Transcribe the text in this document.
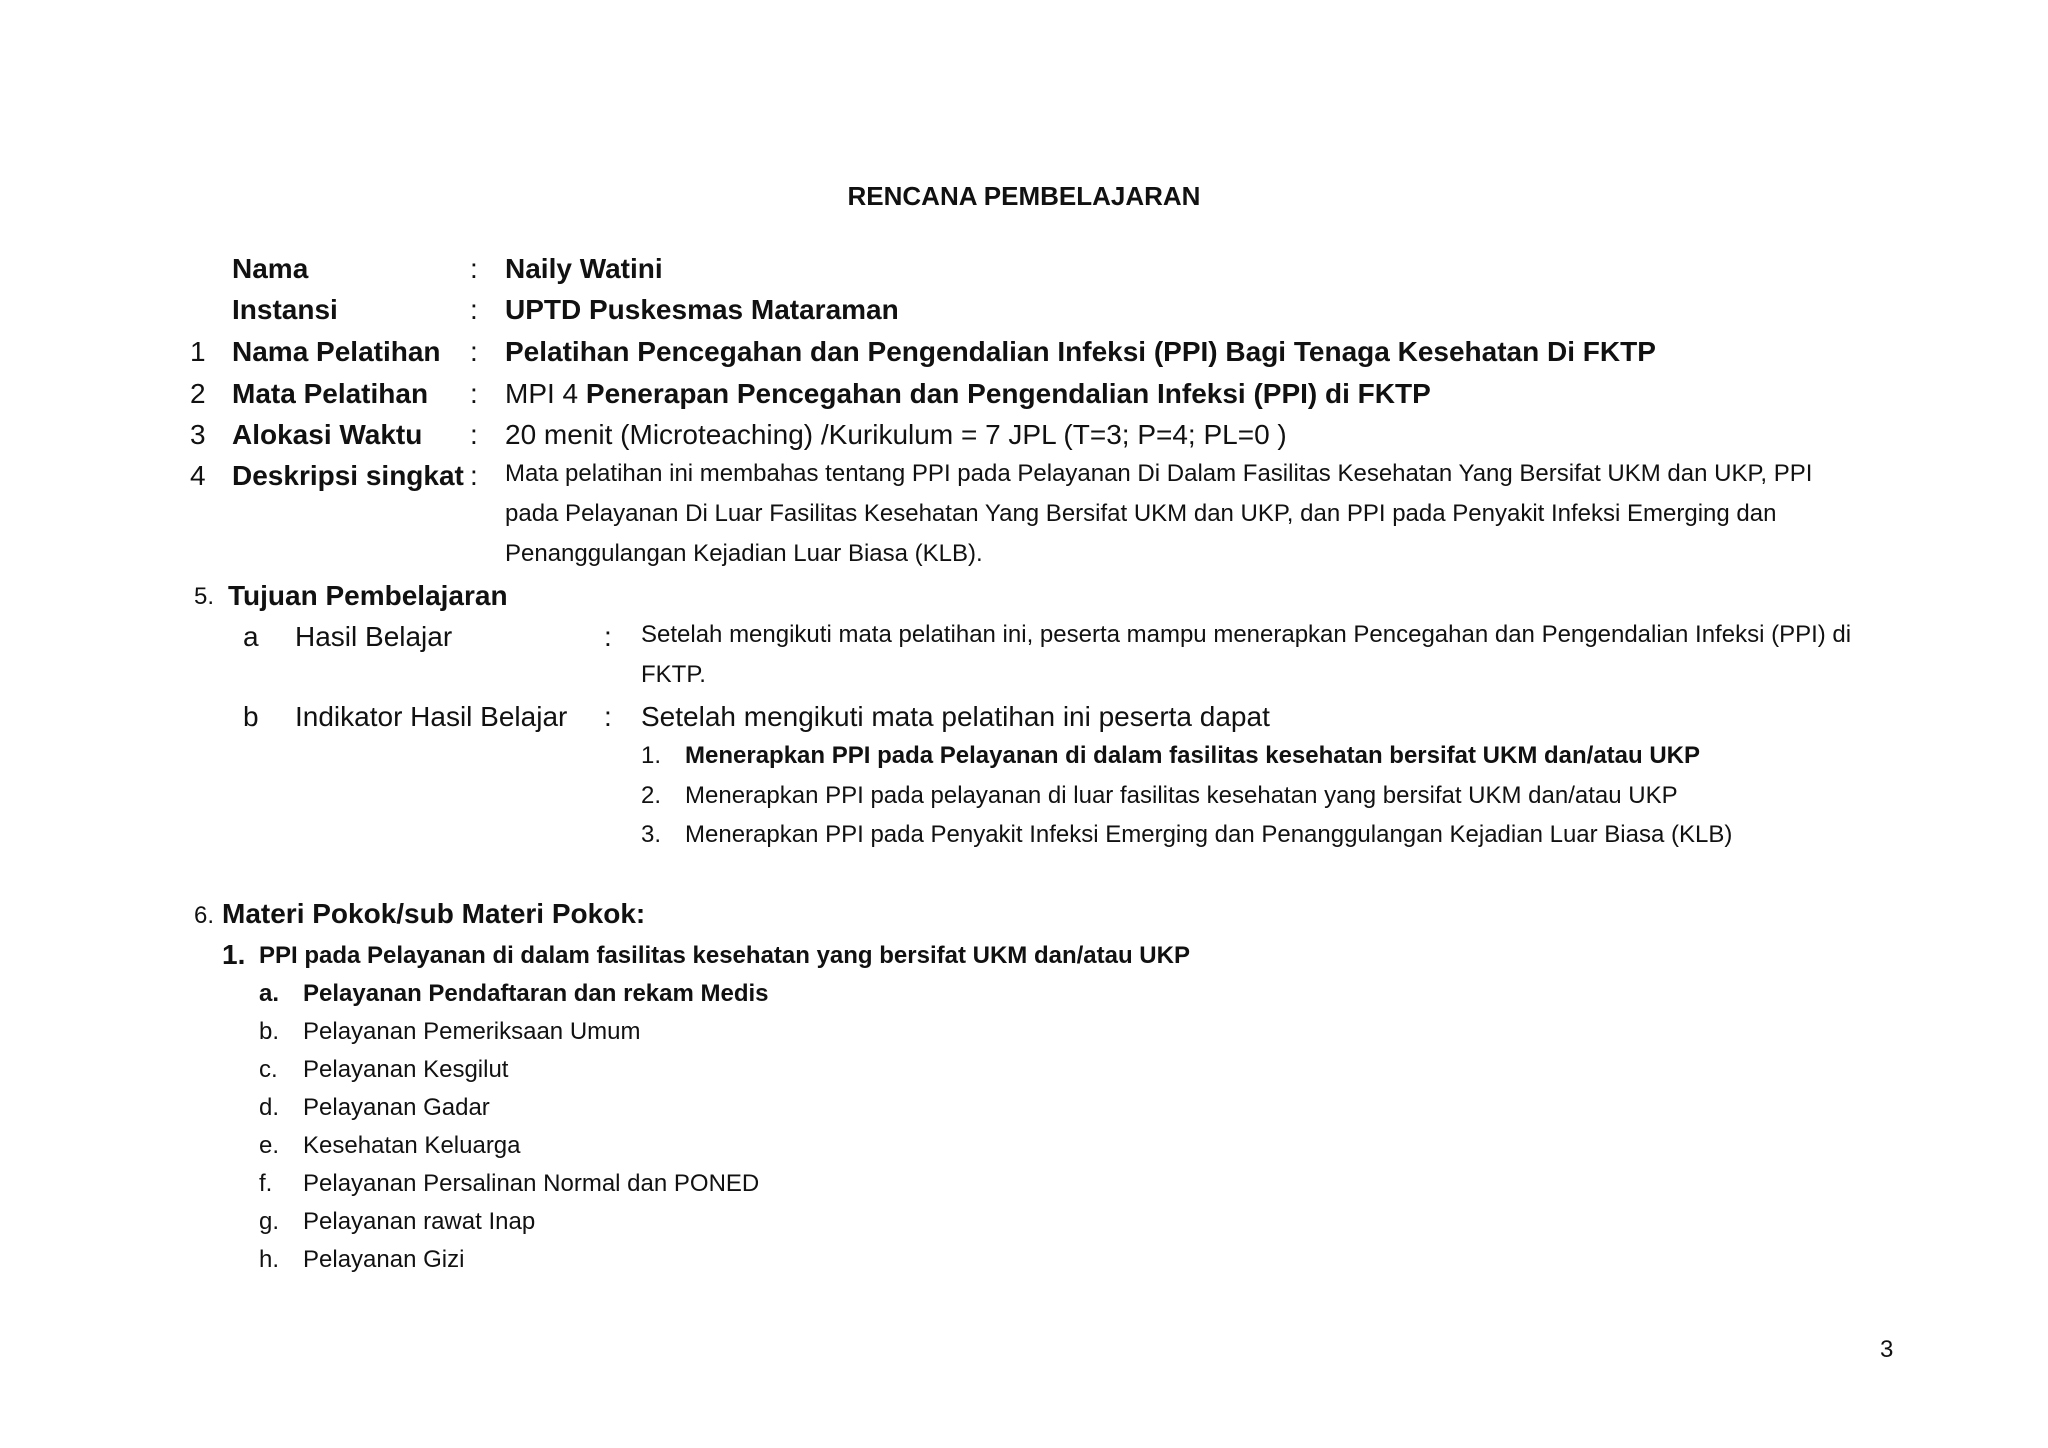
RENCANA PEMBELAJARAN
Nama	: Naily Watini
Instansi	: UPTD Puskesmas Mataraman
1 Nama Pelatihan : Pelatihan Pencegahan dan Pengendalian Infeksi (PPI) Bagi Tenaga Kesehatan Di FKTP
2 Mata Pelatihan : MPI 4 Penerapan Pencegahan dan Pengendalian Infeksi (PPI) di FKTP
3 Alokasi Waktu : 20 menit (Microteaching) /Kurikulum = 7 JPL (T=3; P=4; PL=0 )
4 Deskripsi singkat : Mata pelatihan ini membahas tentang PPI pada Pelayanan Di Dalam Fasilitas Kesehatan Yang Bersifat UKM dan UKP, PPI
pada Pelayanan Di Luar Fasilitas Kesehatan Yang Bersifat UKM dan UKP, dan PPI pada Penyakit Infeksi Emerging dan
Penanggulangan Kejadian Luar Biasa (KLB).
5. Tujuan Pembelajaran
a Hasil Belajar	: Setelah mengikuti mata pelatihan ini, peserta mampu menerapkan Pencegahan dan Pengendalian Infeksi (PPI) di
FKTP.
b Indikator Hasil Belajar : Setelah mengikuti mata pelatihan ini peserta dapat
1. Menerapkan PPI pada Pelayanan di dalam fasilitas kesehatan bersifat UKM dan/atau UKP
2. Menerapkan PPI pada pelayanan di luar fasilitas kesehatan yang bersifat UKM dan/atau UKP
3. Menerapkan PPI pada Penyakit Infeksi Emerging dan Penanggulangan Kejadian Luar Biasa (KLB)
6. Materi Pokok/sub Materi Pokok:
1. PPI pada Pelayanan di dalam fasilitas kesehatan yang bersifat UKM dan/atau UKP
a. Pelayanan Pendaftaran dan rekam Medis
b. Pelayanan Pemeriksaan Umum
c. Pelayanan Kesgilut
d. Pelayanan Gadar
e. Kesehatan Keluarga
f. Pelayanan Persalinan Normal dan PONED
g. Pelayanan rawat Inap
h. Pelayanan Gizi
3
